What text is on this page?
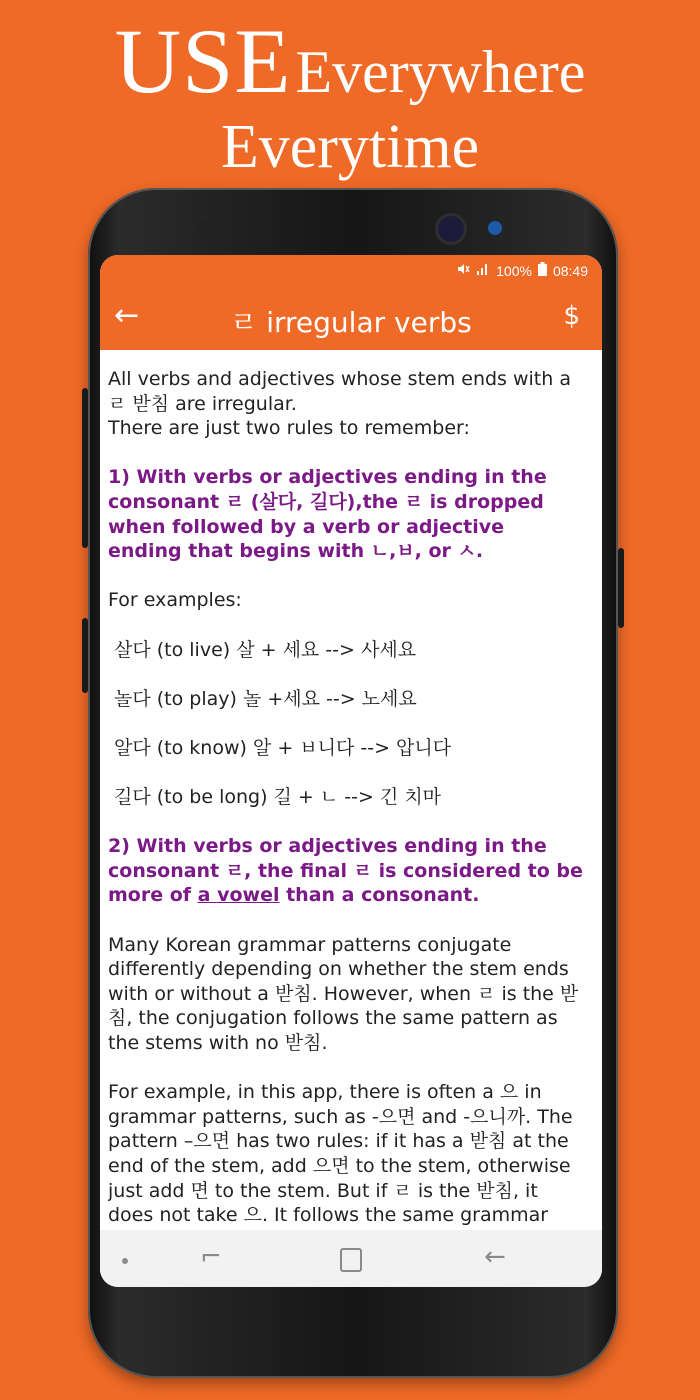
USE Everywhere
Everytime
100% 08:49
←	ㄹ irregular verbs	$

All verbs and adjectives whose stem ends with a ㄹ 받침 are irregular.

There are just two rules to remember:

1) With verbs or adjectives ending in the consonant ㄹ (살다, 길다),the ㄹ is dropped when followed by a verb or adjective ending that begins with ㄴ,ㅂ, or ㅅ.

For examples:

살다 (to live) 살 + 세요 --> 사세요

놀다 (to play) 놀 +세요 --> 노세요

알다 (to know) 알 + ㅂ니다 --> 압니다

길다 (to be long) 길 + ㄴ --> 긴 치마

2) With verbs or adjectives ending in the consonant ㄹ, the final ㄹ is considered to be more of a vowel than a consonant.

Many Korean grammar patterns conjugate differently depending on whether the stem ends with or without a 받침. However, when ㄹ is the 받침, the conjugation follows the same pattern as the stems with no 받침.

For example, in this app, there is often a 으 in grammar patterns, such as -으면 and -으니까. The pattern –으면 has two rules: if it has a 받침 at the end of the stem, add 으면 to the stem, otherwise just add 면 to the stem. But if ㄹ is the 받침, it does not take 으. It follows the same grammar

⌐	←
